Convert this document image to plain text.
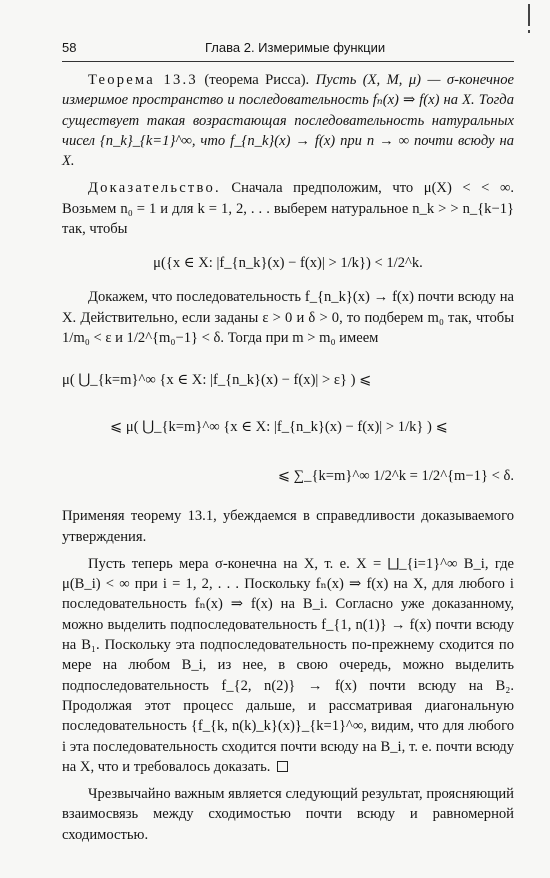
58	Глава 2. Измеримые функции

Теорема 13.3 (теорема Рисса). Пусть (X, M, μ) — σ-конечное измеримое пространство и последовательность fₙ(x) ⇒ f(x) на X. Тогда существует такая возрастающая последовательность натуральных чисел {n_k}_{k=1}^∞, что f_{n_k}(x) → f(x) при n → ∞ почти всюду на X.

Доказательство. Сначала предположим, что μ(X) < < ∞. Возьмем n₀ = 1 и для k = 1, 2, . . . выберем натуральное n_k > > n_{k−1} так, чтобы

μ({x ∈ X: |f_{n_k}(x) − f(x)| > 1/k}) < 1/2^k.

Докажем, что последовательность f_{n_k}(x) → f(x) почти всюду на X. Действительно, если заданы ε > 0 и δ > 0, то подберем m₀ так, чтобы 1/m₀ < ε и 1/2^{m₀−1} < δ. Тогда при m > m₀ имеем

μ( ⋃_{k=m}^∞ {x ∈ X: |f_{n_k}(x) − f(x)| > ε} ) ⩽
⩽ μ( ⋃_{k=m}^∞ {x ∈ X: |f_{n_k}(x) − f(x)| > 1/k} ) ⩽
⩽ ∑_{k=m}^∞ 1/2^k = 1/2^{m−1} < δ.

Применяя теорему 13.1, убеждаемся в справедливости доказываемого утверждения.

Пусть теперь мера σ-конечна на X, т. е. X = ⨆_{i=1}^∞ B_i, где μ(B_i) < ∞ при i = 1, 2, . . . Поскольку fₙ(x) ⇒ f(x) на X, для любого i последовательность fₙ(x) ⇒ f(x) на B_i. Согласно уже доказанному, можно выделить подпоследовательность f_{1, n(1)} → f(x) почти всюду на B₁. Поскольку эта подпоследовательность по-прежнему сходится по мере на любом B_i, из нее, в свою очередь, можно выделить подпоследовательность f_{2, n(2)} → f(x) почти всюду на B₂. Продолжая этот процесс дальше, и рассматривая диагональную последовательность {f_{k, n(k)_k}(x)}_{k=1}^∞, видим, что для любого i эта последовательность сходится почти всюду на B_i, т. е. почти всюду на X, что и требовалось доказать.

Чрезвычайно важным является следующий результат, проясняющий взаимосвязь между сходимостью почти всюду и равномерной сходимостью.
